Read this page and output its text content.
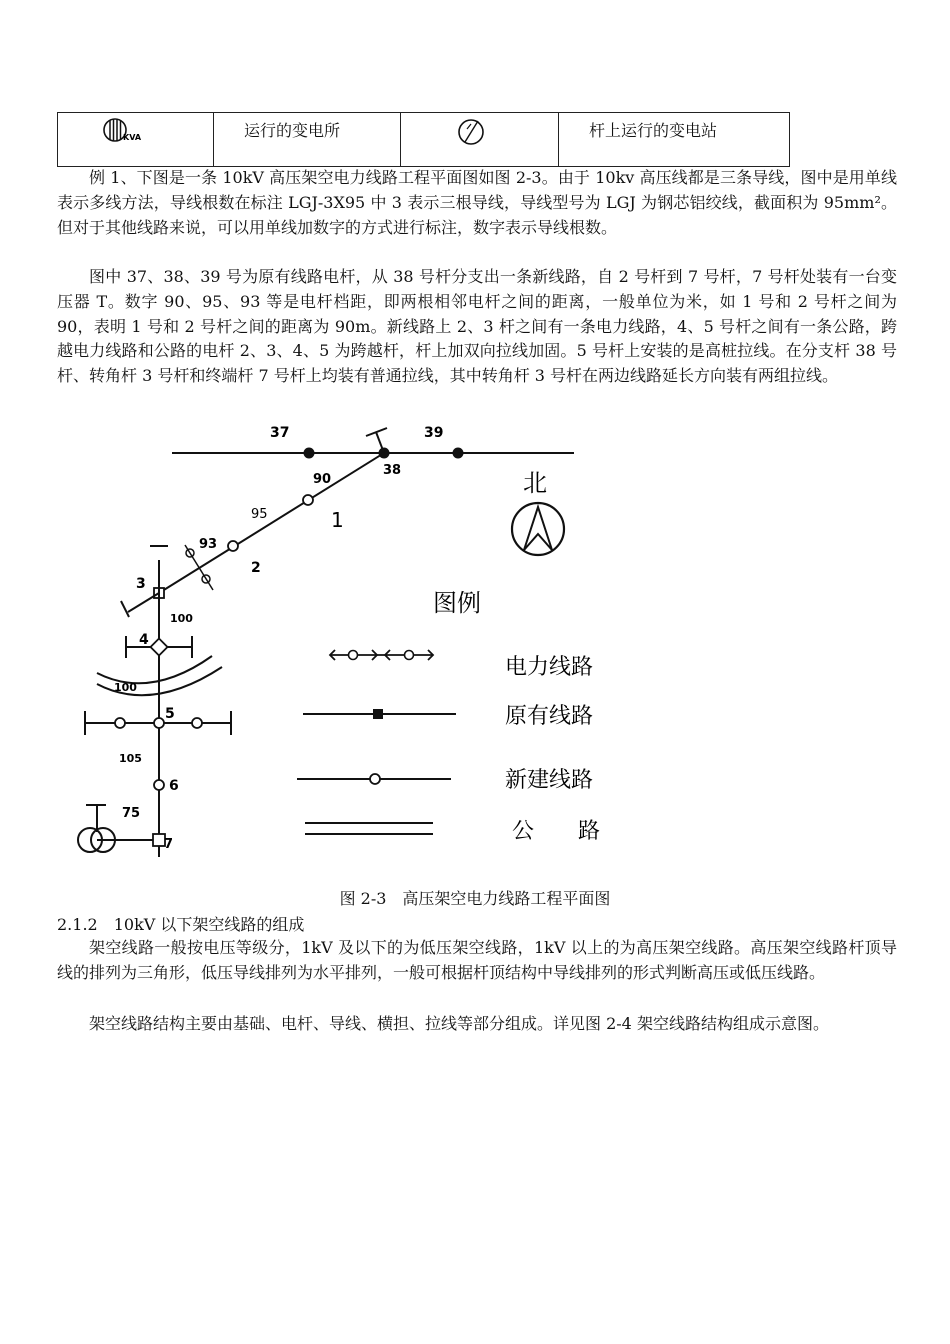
KVA	运行的变电所		杆上运行的变电站

例 1、下图是一条 10kV 高压架空电力线路工程平面图如图 2-3。由于 10kv 高压线都是三条导线，图中是用单线表示多线方法，导线根数在标注 LGJ-3X95 中 3 表示三根导线，导线型号为 LGJ 为钢芯铝绞线，截面积为 95mm²。但对于其他线路来说，可以用单线加数字的方式进行标注，数字表示导线根数。

图中 37、38、39 号为原有线路电杆，从 38 号杆分支出一条新线路，自 2 号杆到 7 号杆，7 号杆处装有一台变压器 T。数字 90、95、93 等是电杆档距，即两根相邻电杆之间的距离，一般单位为米，如 1 号和 2 号杆之间为 90，表明 1 号和 2 号杆之间的距离为 90m。新线路上 2、3 杆之间有一条电力线路，4、5 号杆之间有一条公路，跨越电力线路和公路的电杆 2、3、4、5 为跨越杆，杆上加双向拉线加固。5 号杆上安装的是高桩拉线。在分支杆 38 号杆、转角杆 3 号杆和终端杆 7 号杆上均装有普通拉线，其中转角杆 3 号杆在两边线路延长方向装有两组拉线。

37	39
38
90
95	1
93
2
3
100
4
100
5
105
6
75
7
北
图例
电力线路
原有线路
新建线路
公　　路
图 2-3　高压架空电力线路工程平面图
2.1.2　10kV 以下架空线路的组成

架空线路一般按电压等级分，1kV 及以下的为低压架空线路，1kV 以上的为高压架空线路。高压架空线路杆顶导线的排列为三角形，低压导线排列为水平排列，一般可根据杆顶结构中导线排列的形式判断高压或低压线路。

架空线路结构主要由基础、电杆、导线、横担、拉线等部分组成。详见图 2-4 架空线路结构组成示意图。
